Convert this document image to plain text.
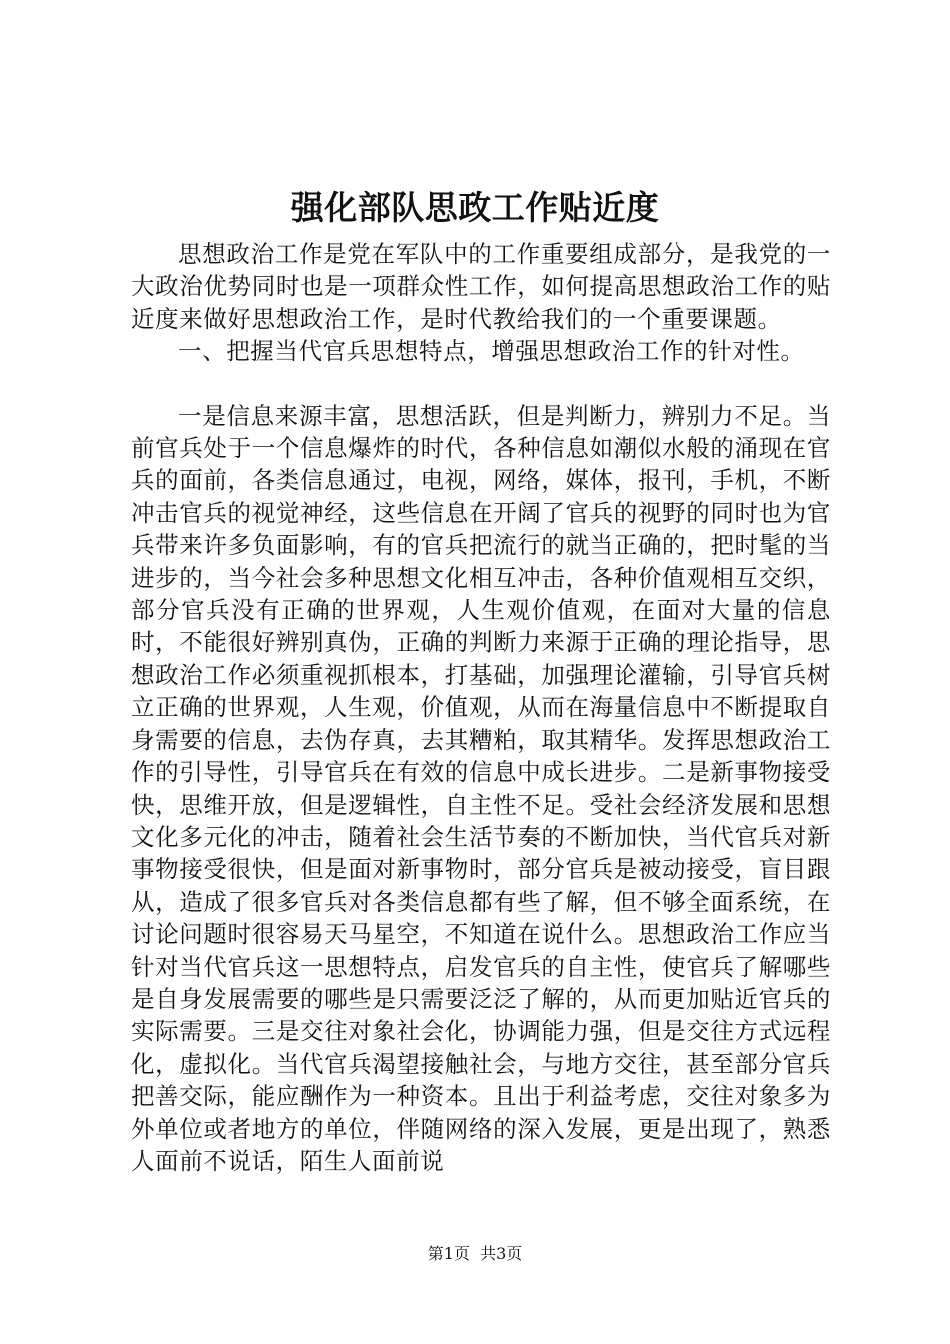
强化部队思政工作贴近度

思想政治工作是党在军队中的工作重要组成部分，是我党的一大政治优势同时也是一项群众性工作，如何提高思想政治工作的贴近度来做好思想政治工作，是时代教给我们的一个重要课题。

一、把握当代官兵思想特点，增强思想政治工作的针对性。

一是信息来源丰富，思想活跃，但是判断力，辨别力不足。当前官兵处于一个信息爆炸的时代，各种信息如潮似水般的涌现在官兵的面前，各类信息通过，电视，网络，媒体，报刊，手机，不断冲击官兵的视觉神经，这些信息在开阔了官兵的视野的同时也为官兵带来许多负面影响，有的官兵把流行的就当正确的，把时髦的当进步的，当今社会多种思想文化相互冲击，各种价值观相互交织，部分官兵没有正确的世界观，人生观价值观，在面对大量的信息时，不能很好辨别真伪，正确的判断力来源于正确的理论指导，思想政治工作必须重视抓根本，打基础，加强理论灌输，引导官兵树立正确的世界观，人生观，价值观，从而在海量信息中不断提取自身需要的信息，去伪存真，去其糟粕，取其精华。发挥思想政治工作的引导性，引导官兵在有效的信息中成长进步。二是新事物接受快，思维开放，但是逻辑性，自主性不足。受社会经济发展和思想文化多元化的冲击，随着社会生活节奏的不断加快，当代官兵对新事物接受很快，但是面对新事物时，部分官兵是被动接受，盲目跟从，造成了很多官兵对各类信息都有些了解，但不够全面系统，在讨论问题时很容易天马星空，不知道在说什么。思想政治工作应当针对当代官兵这一思想特点，启发官兵的自主性，使官兵了解哪些是自身发展需要的哪些是只需要泛泛了解的，从而更加贴近官兵的实际需要。三是交往对象社会化，协调能力强，但是交往方式远程化，虚拟化。当代官兵渴望接触社会，与地方交往，甚至部分官兵把善交际，能应酬作为一种资本。且出于利益考虑，交往对象多为外单位或者地方的单位，伴随网络的深入发展，更是出现了，熟悉人面前不说话，陌生人面前说

第1页 共3页
